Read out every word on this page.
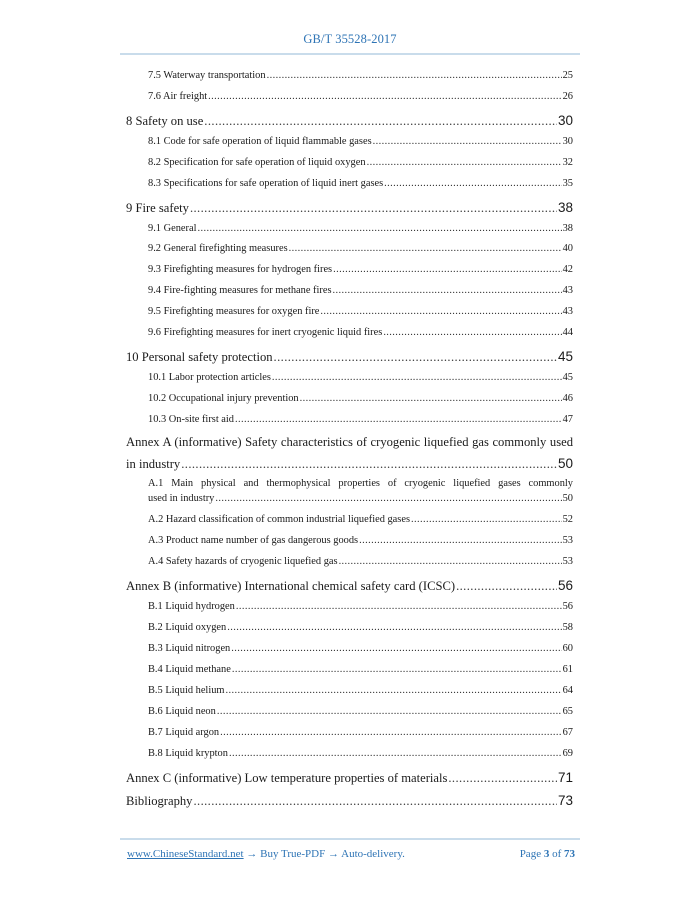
GB/T 35528-2017
7.5 Waterway transportation .....	25
7.6 Air freight .....	26
8 Safety on use .....	30
8.1 Code for safe operation of liquid flammable gases .....	30
8.2 Specification for safe operation of liquid oxygen .....	32
8.3 Specifications for safe operation of liquid inert gases .....	35
9 Fire safety .....	38
9.1 General .....	38
9.2 General firefighting measures .....	40
9.3 Firefighting measures for hydrogen fires .....	42
9.4 Fire-fighting measures for methane fires .....	43
9.5 Firefighting measures for oxygen fire .....	43
9.6 Firefighting measures for inert cryogenic liquid fires .....	44
10 Personal safety protection .....	45
10.1 Labor protection articles .....	45
10.2 Occupational injury prevention .....	46
10.3 On-site first aid .....	47
Annex A (informative) Safety characteristics of cryogenic liquefied gas commonly used
in industry .....	50
A.1 Main physical and thermophysical properties of cryogenic liquefied gases commonly
used in industry .....	50
A.2 Hazard classification of common industrial liquefied gases .....	52
A.3 Product name number of gas dangerous goods .....	53
A.4 Safety hazards of cryogenic liquefied gas .....	53
Annex B (informative) International chemical safety card (ICSC) .....	56
B.1 Liquid hydrogen .....	56
B.2 Liquid oxygen .....	58
B.3 Liquid nitrogen .....	60
B.4 Liquid methane .....	61
B.5 Liquid helium .....	64
B.6 Liquid neon .....	65
B.7 Liquid argon .....	67
B.8 Liquid krypton .....	69
Annex C (informative) Low temperature properties of materials .....	71
Bibliography .....	73
www.ChineseStandard.net → Buy True-PDF → Auto-delivery.	Page 3 of 73
